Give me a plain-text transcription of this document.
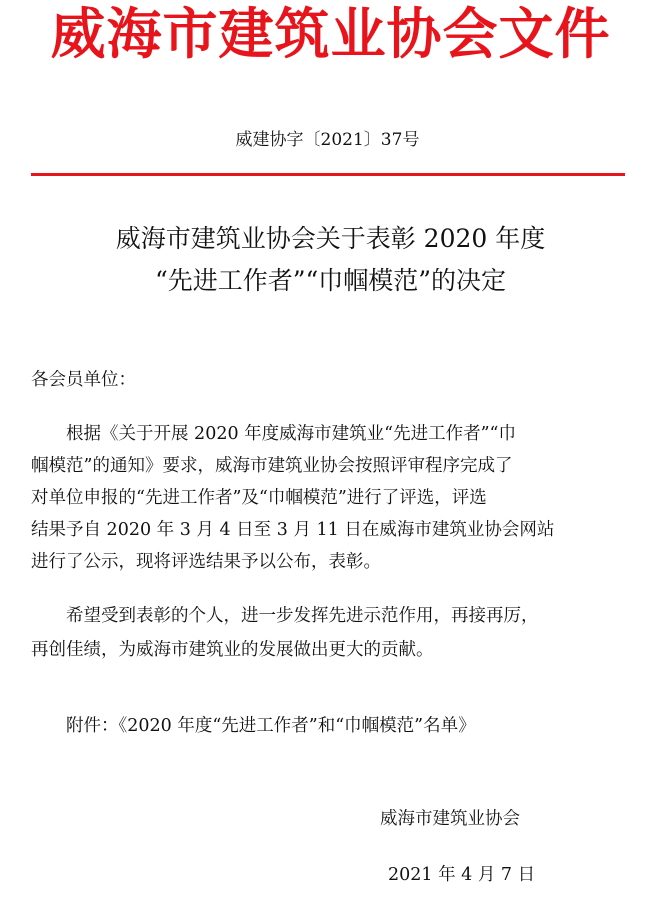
威海市建筑业协会文件
威建协字〔2021〕37号
威海市建筑业协会关于表彰 2020 年度
“先进工作者”“巾帼模范”的决定
各会员单位：
　　根据《关于开展 2020 年度威海市建筑业“先进工作者”“巾
帼模范”的通知》要求，威海市建筑业协会按照评审程序完成了
对单位申报的“先进工作者”及“巾帼模范”进行了评选，评选
结果予自 2020 年 3 月 4 日至 3 月 11 日在威海市建筑业协会网站
进行了公示，现将评选结果予以公布，表彰。
　　希望受到表彰的个人，进一步发挥先进示范作用，再接再厉，
再创佳绩，为威海市建筑业的发展做出更大的贡献。
　　附件：《2020 年度“先进工作者”和“巾帼模范”名单》
威海市建筑业协会
2021 年 4 月 7 日
